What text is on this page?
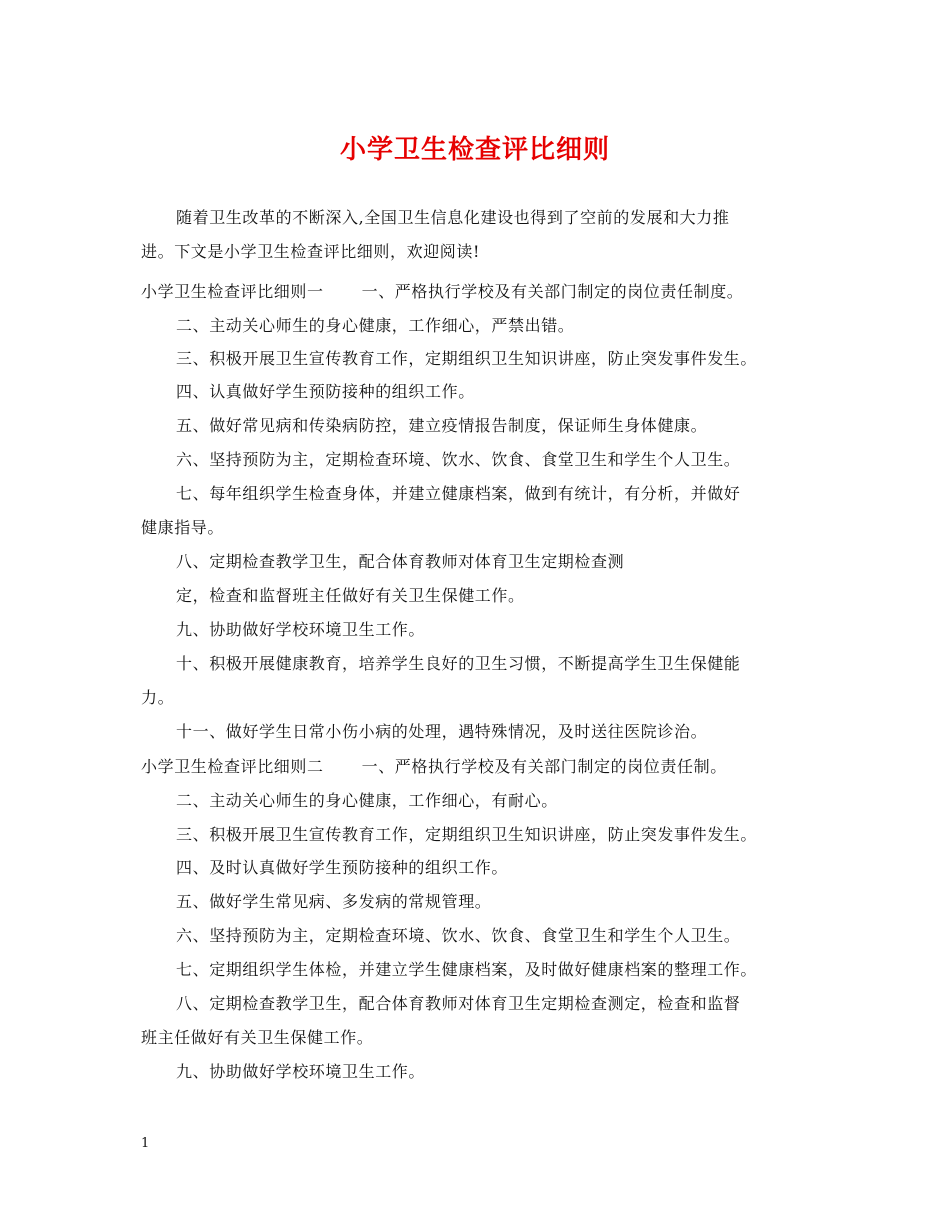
小学卫生检查评比细则
随着卫生改革的不断深入,全国卫生信息化建设也得到了空前的发展和大力推
进。下文是小学卫生检查评比细则，欢迎阅读!
小学卫生检查评比细则一 一、严格执行学校及有关部门制定的岗位责任制度。
二、主动关心师生的身心健康，工作细心，严禁出错。
三、积极开展卫生宣传教育工作，定期组织卫生知识讲座，防止突发事件发生。
四、认真做好学生预防接种的组织工作。
五、做好常见病和传染病防控，建立疫情报告制度，保证师生身体健康。
六、坚持预防为主，定期检查环境、饮水、饮食、食堂卫生和学生个人卫生。
七、每年组织学生检查身体，并建立健康档案，做到有统计，有分析，并做好
健康指导。
八、定期检查教学卫生，配合体育教师对体育卫生定期检查测
定，检查和监督班主任做好有关卫生保健工作。
九、协助做好学校环境卫生工作。
十、积极开展健康教育，培养学生良好的卫生习惯，不断提高学生卫生保健能
力。
十一、做好学生日常小伤小病的处理，遇特殊情况，及时送往医院诊治。
小学卫生检查评比细则二 一、严格执行学校及有关部门制定的岗位责任制。
二、主动关心师生的身心健康，工作细心，有耐心。
三、积极开展卫生宣传教育工作，定期组织卫生知识讲座，防止突发事件发生。
四、及时认真做好学生预防接种的组织工作。
五、做好学生常见病、多发病的常规管理。
六、坚持预防为主，定期检查环境、饮水、饮食、食堂卫生和学生个人卫生。
七、定期组织学生体检，并建立学生健康档案，及时做好健康档案的整理工作。
八、定期检查教学卫生，配合体育教师对体育卫生定期检查测定，检查和监督
班主任做好有关卫生保健工作。
九、协助做好学校环境卫生工作。
1
